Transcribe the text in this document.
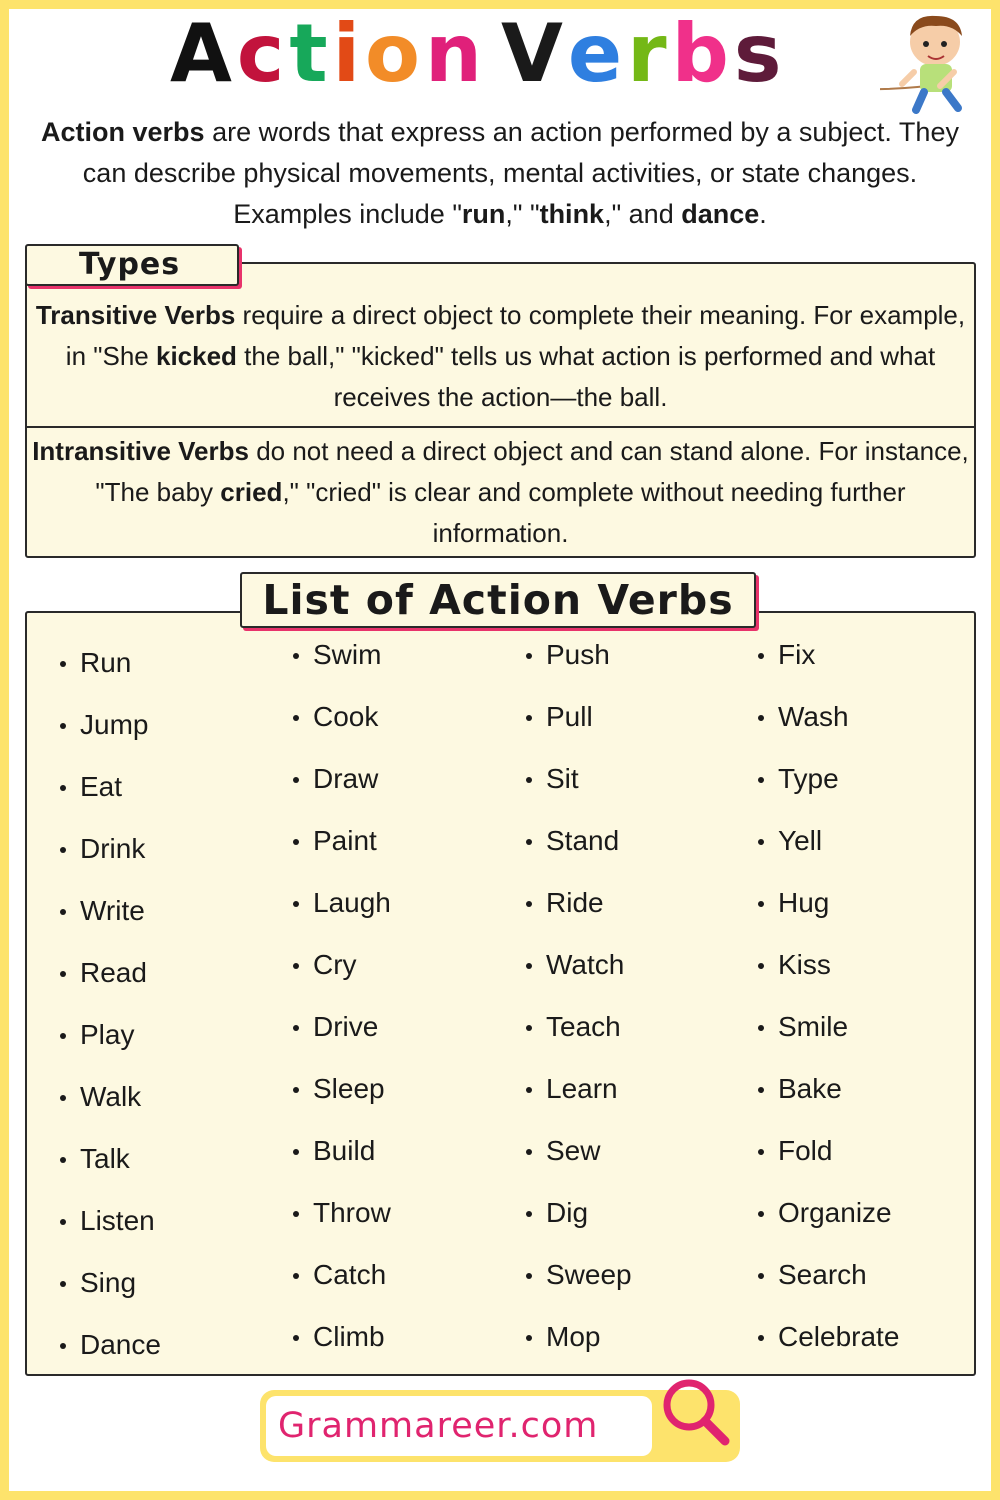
Action Verbs

Action verbs are words that express an action performed by a subject. They can describe physical movements, mental activities, or state changes. Examples include "run," "think," and dance.

Types

Transitive Verbs require a direct object to complete their meaning. For example, in "She kicked the ball," "kicked" tells us what action is performed and what receives the action—the ball.

Intransitive Verbs do not need a direct object and can stand alone. For instance, "The baby cried," "cried" is clear and complete without needing further information.

List of Action Verbs
Run
Jump
Eat
Drink
Write
Read
Play
Walk
Talk
Listen
Sing
Dance
Swim
Cook
Draw
Paint
Laugh
Cry
Drive
Sleep
Build
Throw
Catch
Climb
Push
Pull
Sit
Stand
Ride
Watch
Teach
Learn
Sew
Dig
Sweep
Mop
Fix
Wash
Type
Yell
Hug
Kiss
Smile
Bake
Fold
Organize
Search
Celebrate
Grammareer.com
